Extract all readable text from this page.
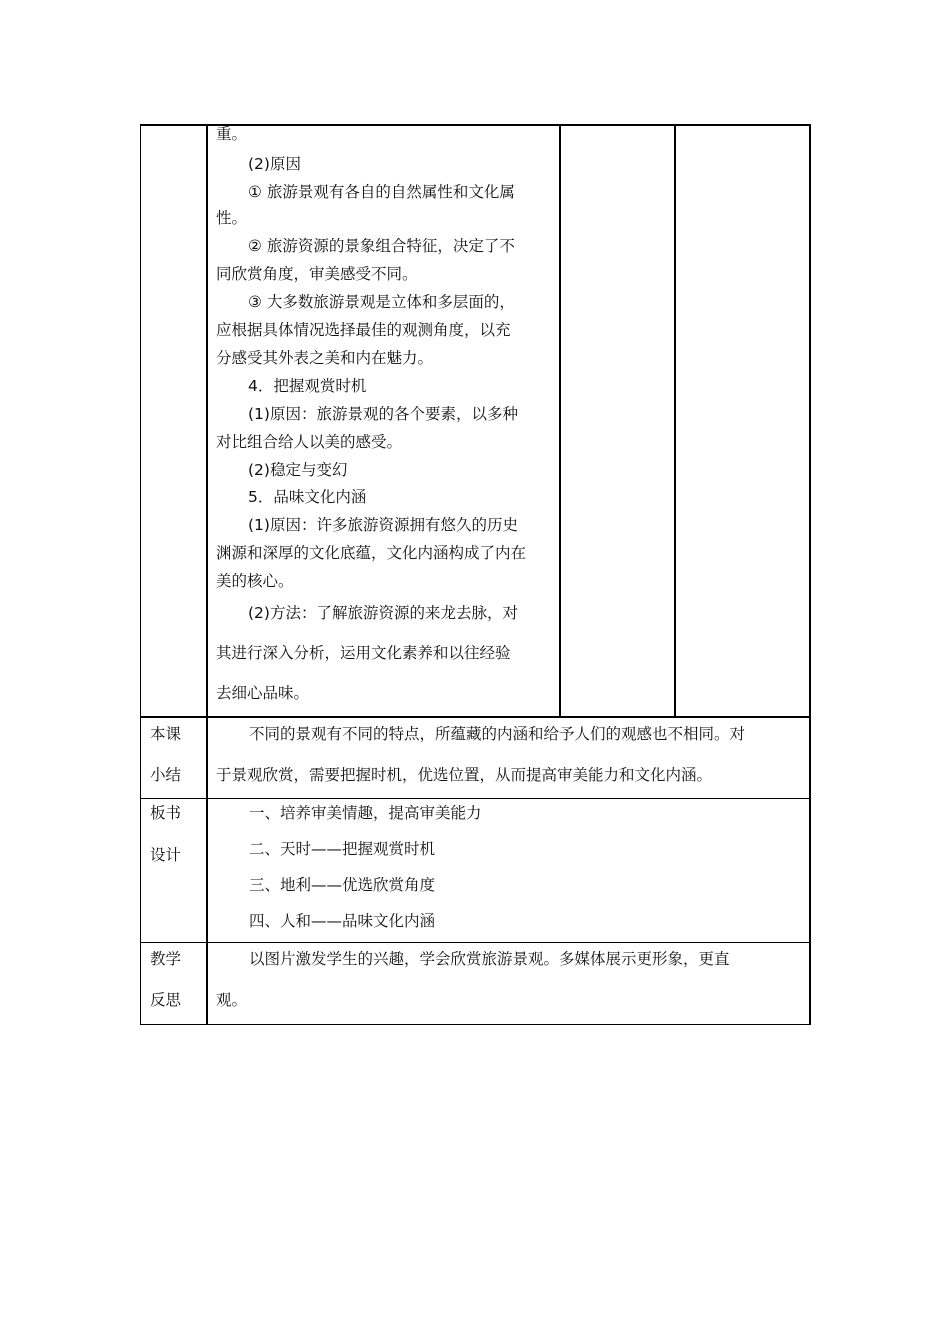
重。
(2)原因
① 旅游景观有各自的自然属性和文化属
性。
② 旅游资源的景象组合特征，决定了不
同欣赏角度，审美感受不同。
③ 大多数旅游景观是立体和多层面的，
应根据具体情况选择最佳的观测角度，以充
分感受其外表之美和内在魅力。
4．把握观赏时机
(1)原因：旅游景观的各个要素，以多种
对比组合给人以美的感受。
(2)稳定与变幻
5．品味文化内涵
(1)原因：许多旅游资源拥有悠久的历史
渊源和深厚的文化底蕴，文化内涵构成了内在
美的核心。
(2)方法：了解旅游资源的来龙去脉，对
其进行深入分析，运用文化素养和以往经验
去细心品味。
本课
小结
不同的景观有不同的特点，所蕴藏的内涵和给予人们的观感也不相同。对
于景观欣赏，需要把握时机，优选位置，从而提高审美能力和文化内涵。
板书
设计
一、培养审美情趣，提高审美能力
二、天时——把握观赏时机
三、地利——优选欣赏角度
四、人和——品味文化内涵
教学
反思
以图片激发学生的兴趣，学会欣赏旅游景观。多媒体展示更形象，更直
观。
